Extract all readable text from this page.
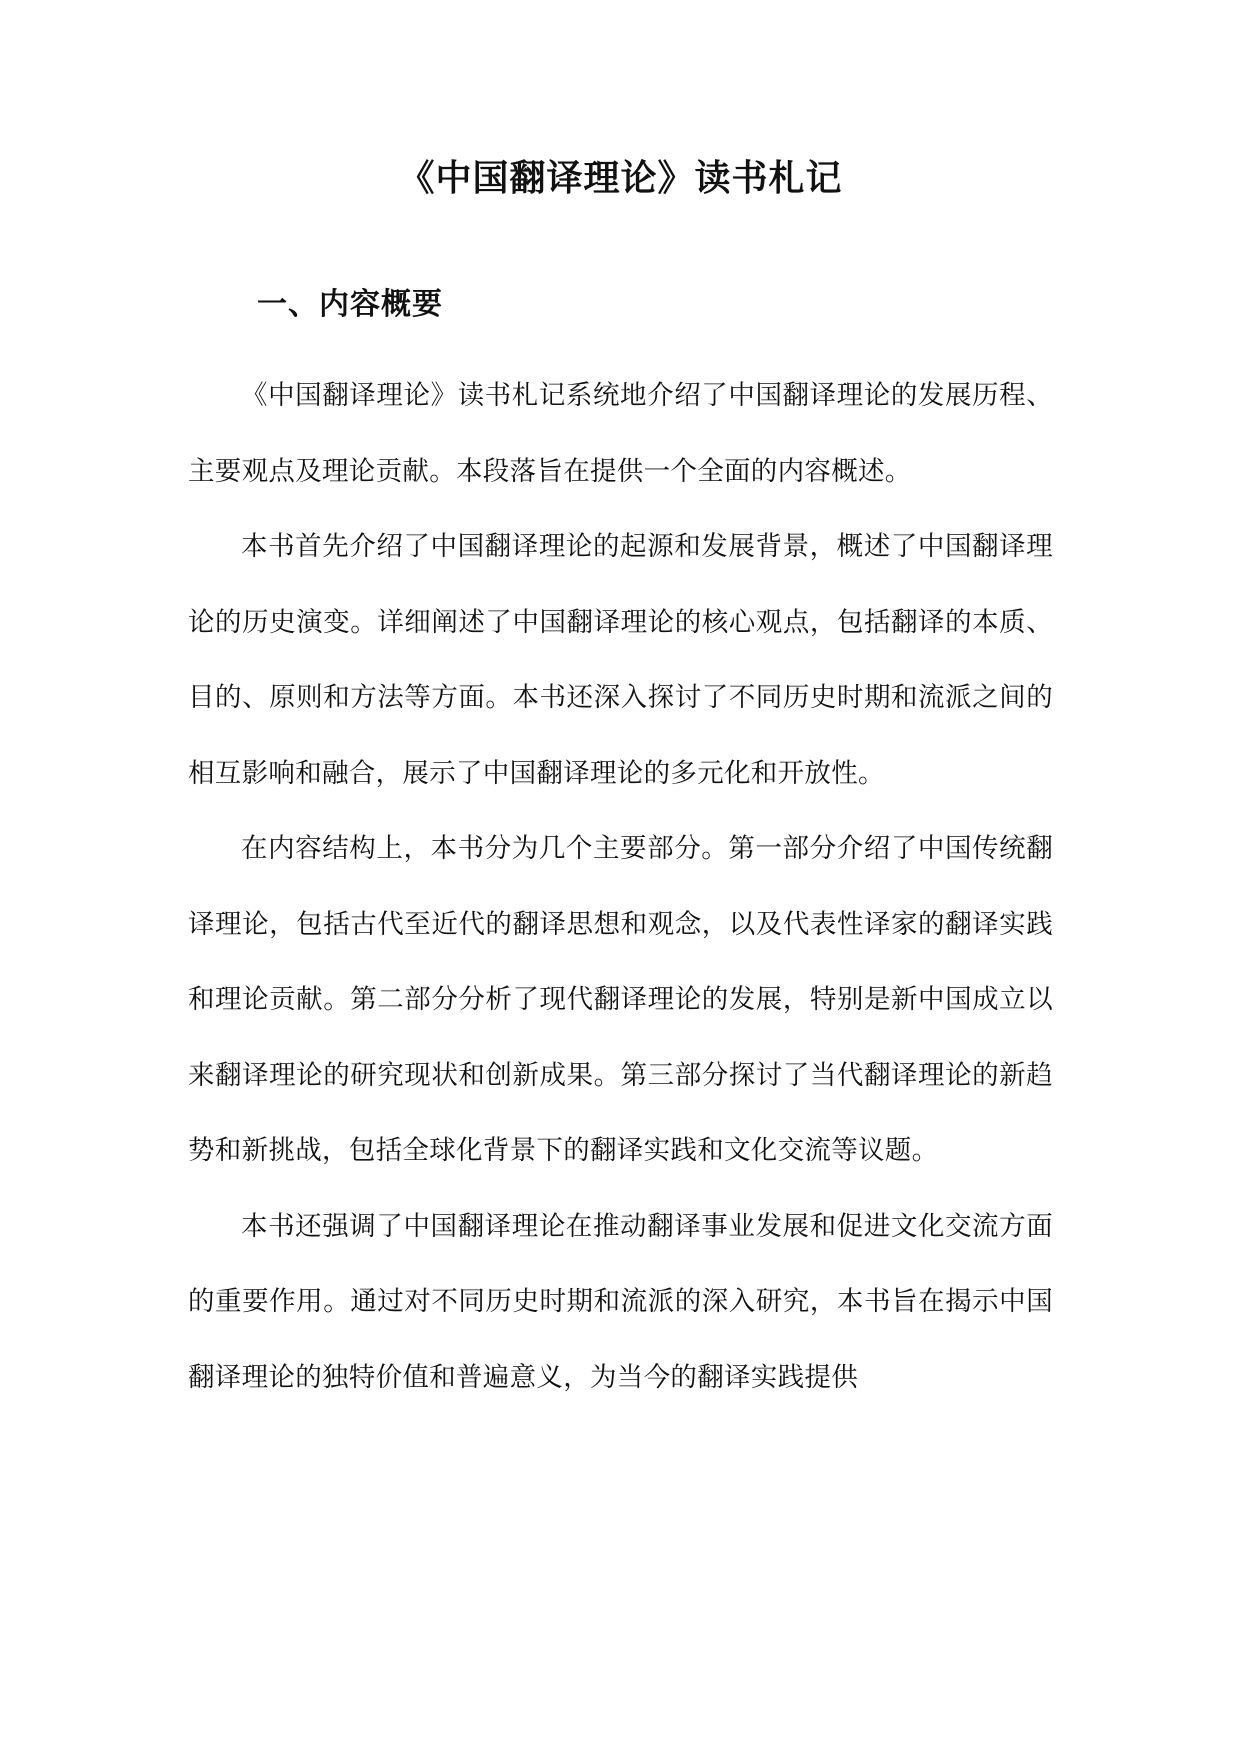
《中国翻译理论》读书札记
一、内容概要

《中国翻译理论》读书札记系统地介绍了中国翻译理论的发展历程、主要观点及理论贡献。本段落旨在提供一个全面的内容概述。

本书首先介绍了中国翻译理论的起源和发展背景，概述了中国翻译理论的历史演变。详细阐述了中国翻译理论的核心观点，包括翻译的本质、目的、原则和方法等方面。本书还深入探讨了不同历史时期和流派之间的相互影响和融合，展示了中国翻译理论的多元化和开放性。

在内容结构上，本书分为几个主要部分。第一部分介绍了中国传统翻译理论，包括古代至近代的翻译思想和观念，以及代表性译家的翻译实践和理论贡献。第二部分分析了现代翻译理论的发展，特别是新中国成立以来翻译理论的研究现状和创新成果。第三部分探讨了当代翻译理论的新趋势和新挑战，包括全球化背景下的翻译实践和文化交流等议题。

本书还强调了中国翻译理论在推动翻译事业发展和促进文化交流方面的重要作用。通过对不同历史时期和流派的深入研究，本书旨在揭示中国翻译理论的独特价值和普遍意义，为当今的翻译实践提供
